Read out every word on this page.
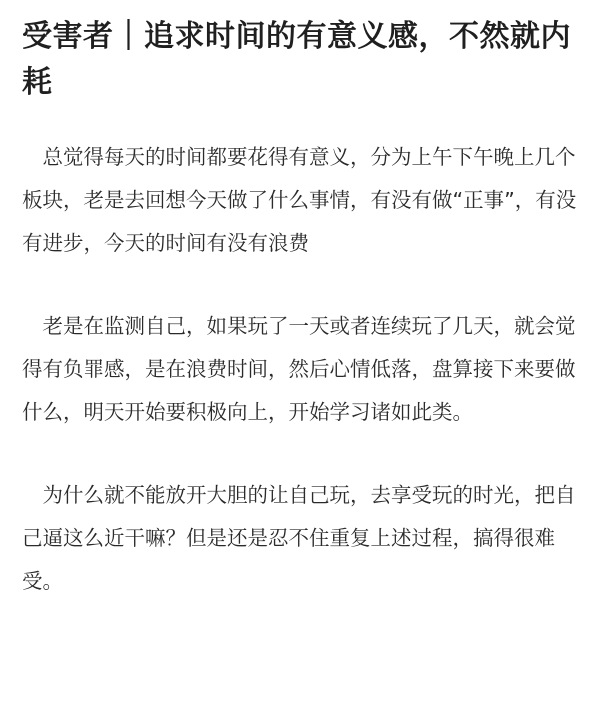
受害者｜追求时间的有意义感，不然就内耗

总觉得每天的时间都要花得有意义，分为上午下午晚上几个板块，老是去回想今天做了什么事情，有没有做“正事”，有没有进步，今天的时间有没有浪费

老是在监测自己，如果玩了一天或者连续玩了几天，就会觉得有负罪感，是在浪费时间，然后心情低落，盘算接下来要做什么，明天开始要积极向上，开始学习诸如此类。

为什么就不能放开大胆的让自己玩，去享受玩的时光，把自己逼这么近干嘛？但是还是忍不住重复上述过程，搞得很难受。
